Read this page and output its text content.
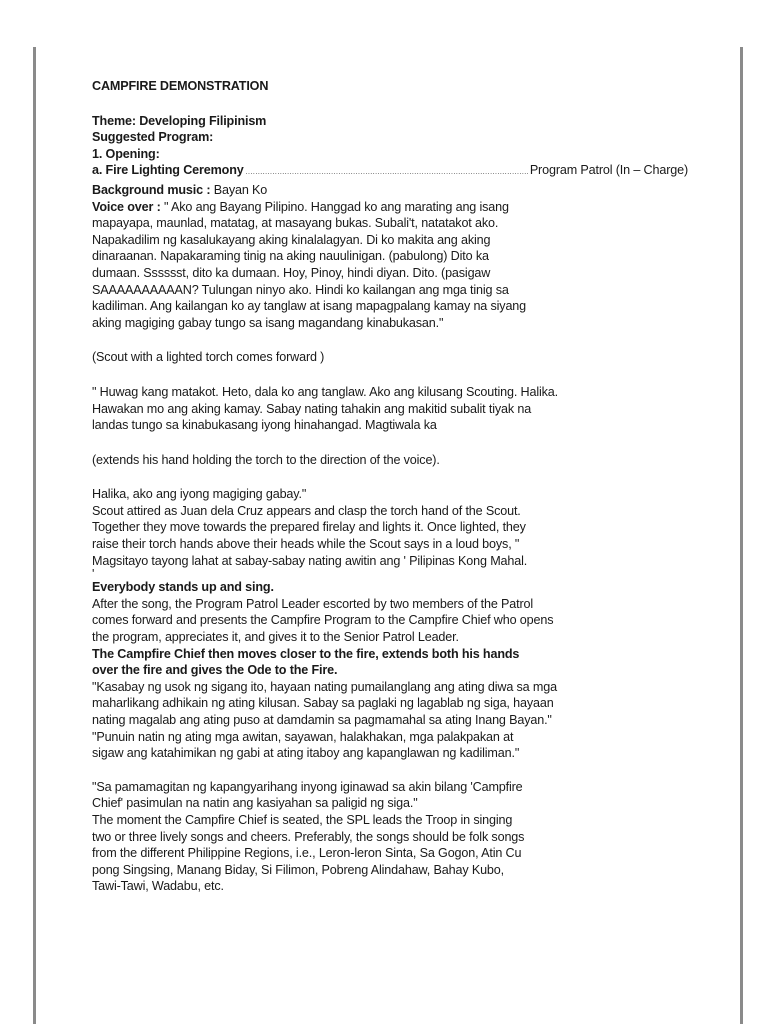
CAMPFIRE DEMONSTRATION

Theme: Developing Filipinism

Suggested Program:

1. Opening:

a. Fire Lighting Ceremony
.....	Program Patrol (In – Charge)

Background music : Bayan Ko

Voice over : " Ako ang Bayang Pilipino. Hanggad ko ang marating ang isang

mapayapa, maunlad, matatag, at masayang bukas. Subali't, natatakot ako.

Napakadilim ng kasalukayang aking kinalalagyan. Di ko makita ang aking

dinaraanan. Napakaraming tinig na aking nauulinigan. (pabulong) Dito ka

dumaan. Sssssst, dito ka dumaan. Hoy, Pinoy, hindi diyan. Dito. (pasigaw

SAAAAAAAAAAN? Tulungan ninyo ako. Hindi ko kailangan ang mga tinig sa

kadiliman. Ang kailangan ko ay tanglaw at isang mapagpalang kamay na siyang

aking magiging gabay tungo sa isang magandang kinabukasan."

(Scout with a lighted torch comes forward )

" Huwag kang matakot. Heto, dala ko ang tanglaw. Ako ang kilusang Scouting. Halika.

Hawakan mo ang aking kamay. Sabay nating tahakin ang makitid subalit tiyak na

landas tungo sa kinabukasang iyong hinahangad. Magtiwala ka

(extends his hand holding the torch to the direction of the voice).

Halika, ako ang iyong magiging gabay."

Scout attired as Juan dela Cruz appears and clasp the torch hand of the Scout.

Together they move towards the prepared firelay and lights it. Once lighted, they

raise their torch hands above their heads while the Scout says in a loud boys, "

Magsitayo tayong lahat at sabay-sabay nating awitin ang ' Pilipinas Kong Mahal.

'

Everybody stands up and sing.

After the song, the Program Patrol Leader escorted by two members of the Patrol

comes forward and presents the Campfire Program to the Campfire Chief who opens

the program, appreciates it, and gives it to the Senior Patrol Leader.

The Campfire Chief then moves closer to the fire, extends both his hands

over the fire and gives the Ode to the Fire.

"Kasabay ng usok ng sigang ito, hayaan nating pumailanglang ang ating diwa sa mga

maharlikang adhikain ng ating kilusan. Sabay sa paglaki ng lagablab ng siga, hayaan

nating magalab ang ating puso at damdamin sa pagmamahal sa ating Inang Bayan."

"Punuin natin ng ating mga awitan, sayawan, halakhakan, mga palakpakan at

sigaw ang katahimikan ng gabi at ating itaboy ang kapanglawan ng kadiliman."

"Sa pamamagitan ng kapangyarihang inyong iginawad sa akin bilang 'Campfire

Chief' pasimulan na natin ang kasiyahan sa paligid ng siga."

The moment the Campfire Chief is seated, the SPL leads the Troop in singing

two or three lively songs and cheers. Preferably, the songs should be folk songs

from the different Philippine Regions, i.e., Leron-leron Sinta, Sa Gogon, Atin Cu

pong Singsing, Manang Biday, Si Filimon, Pobreng Alindahaw, Bahay Kubo,

Tawi-Tawi, Wadabu, etc.
